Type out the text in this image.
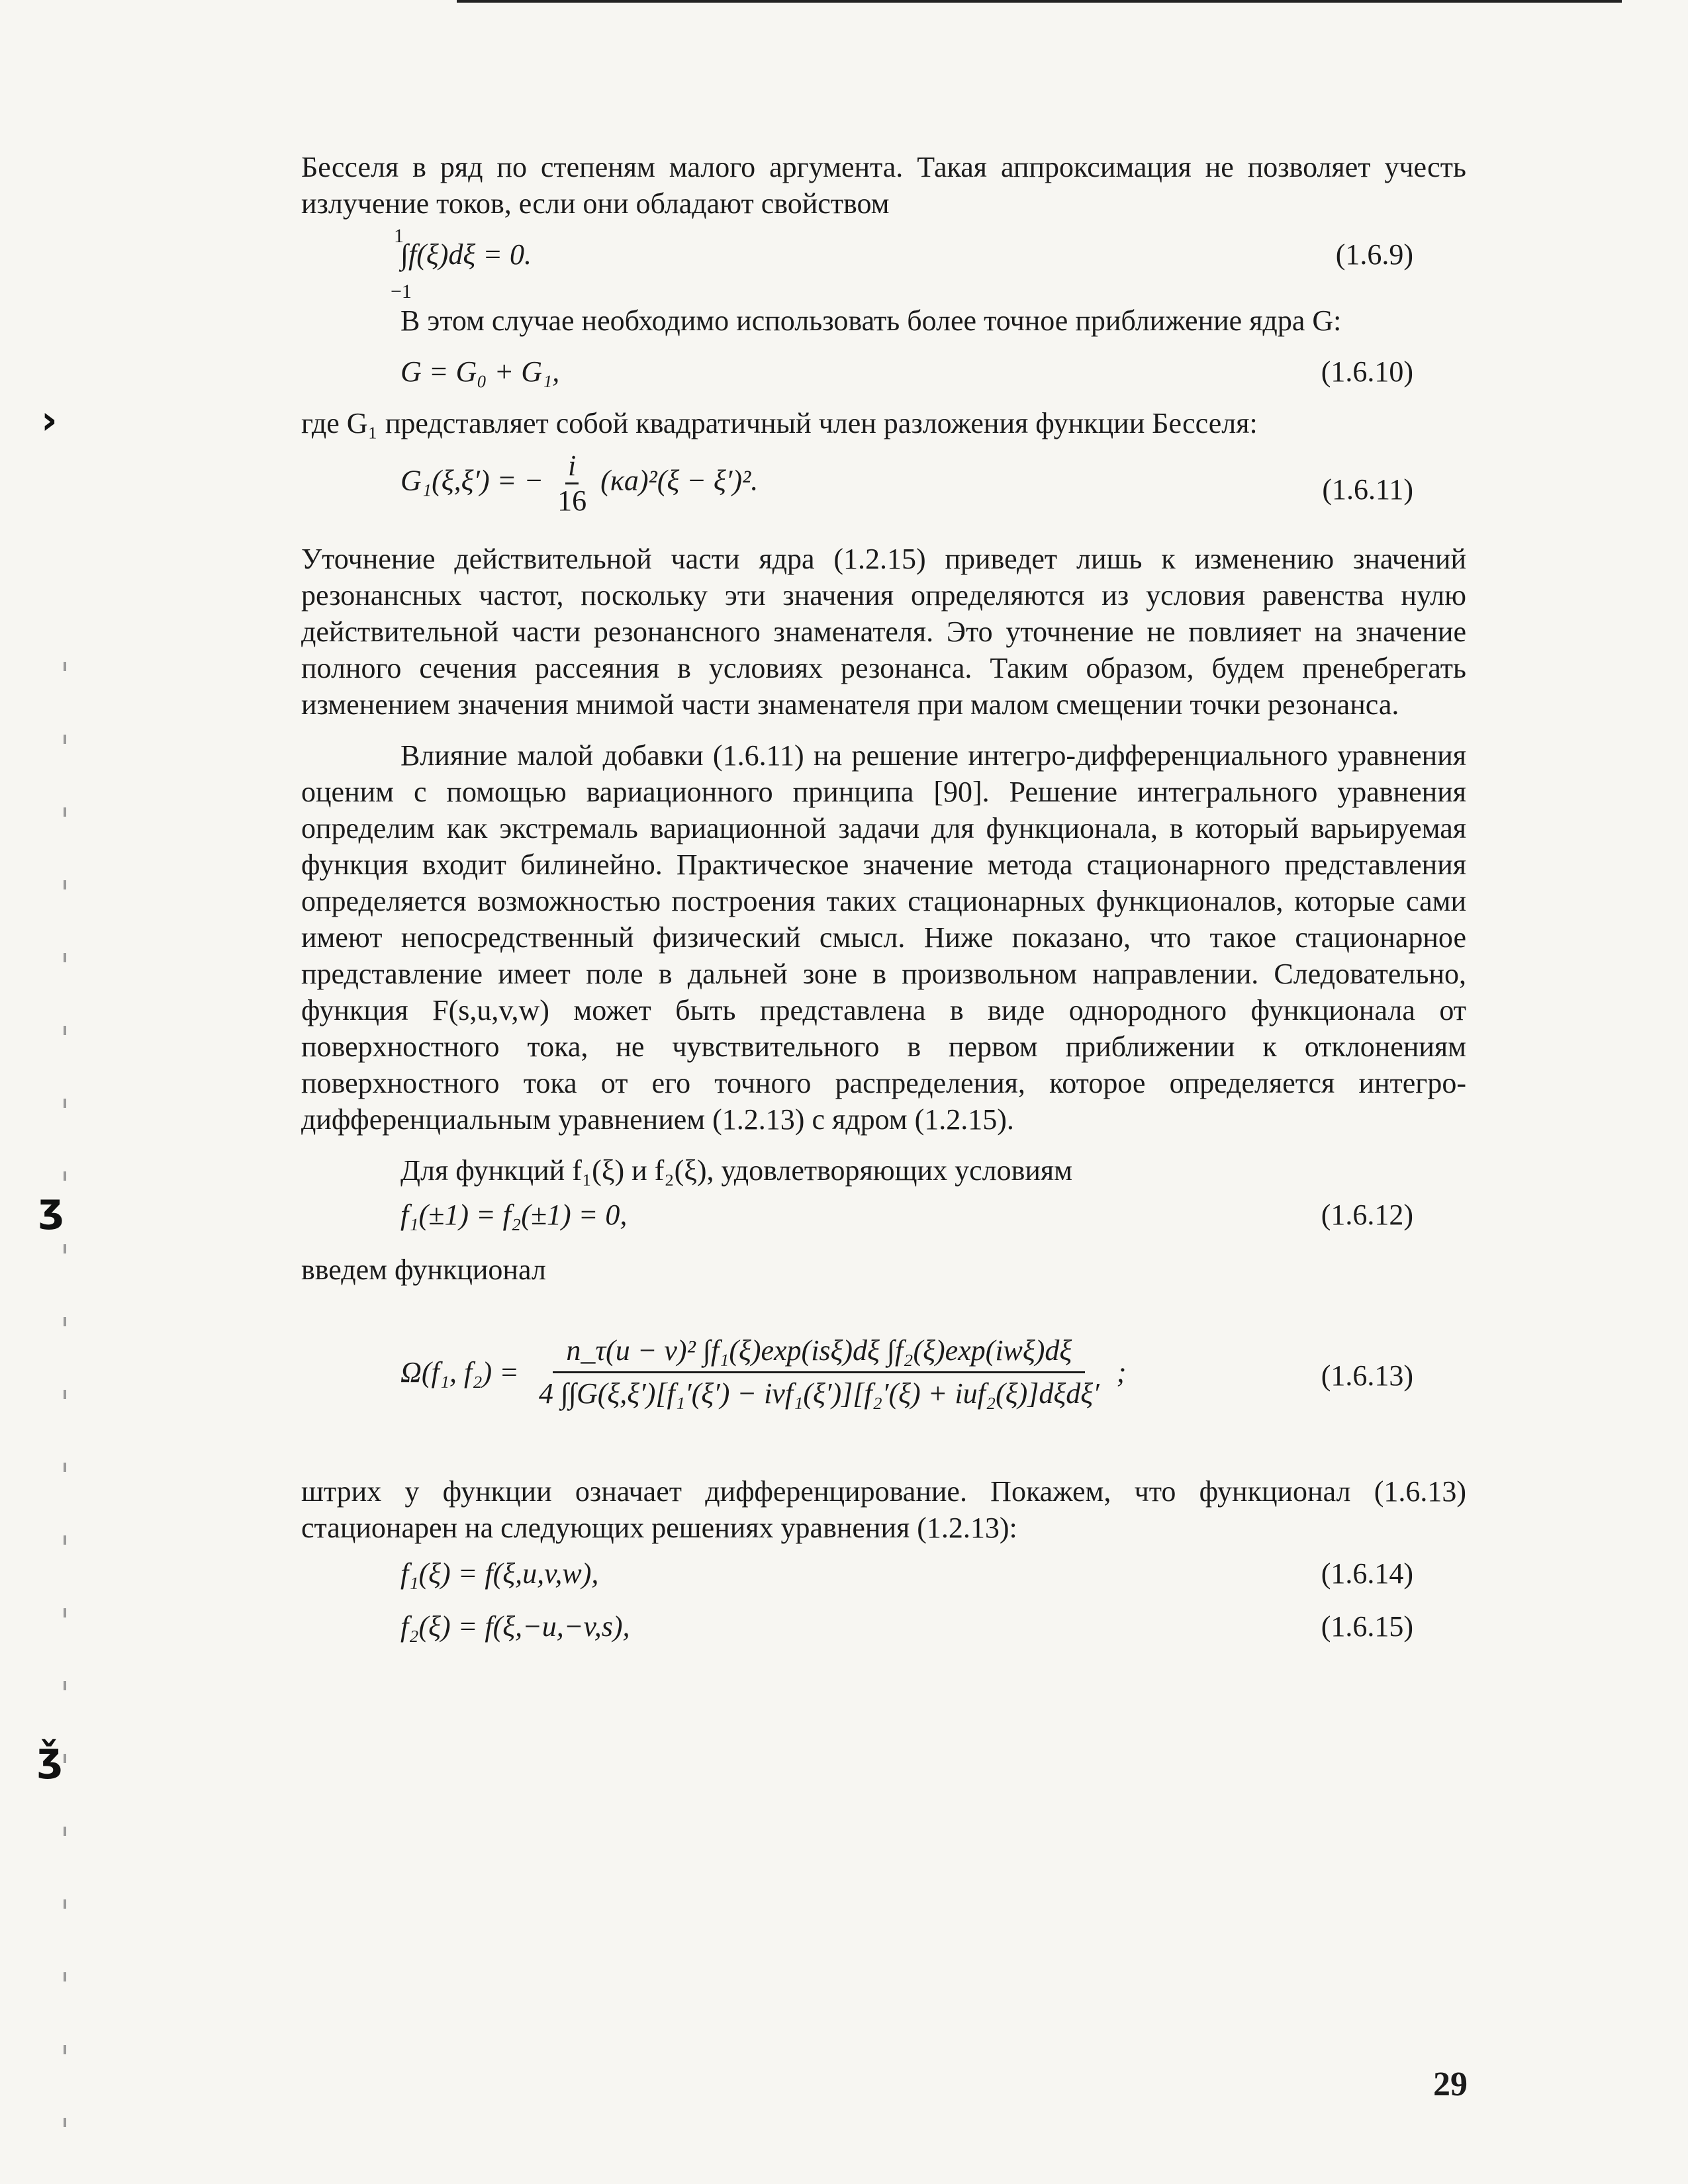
›
ʒ
ǯ

Бесселя в ряд по степеням малого аргумента. Такая аппроксимация не позволяет учесть излучение токов, если они обладают свойством

1
∫f(ξ)dξ = 0.
−1
(1.6.9)

В этом случае необходимо использовать более точное приближение ядра G:

G = G₀ + G₁,	(1.6.10)

где G₁ представляет собой квадратичный член разложения функции Бесселя:

G₁(ξ,ξ′) = − $\frac{i}{16} (\kappa a)^2(\xi - \xi')^2$.	(1.6.11)

Уточнение действительной части ядра (1.2.15) приведет лишь к изменению значений резонансных частот, поскольку эти значения определяются из условия равенства нулю действительной части резонансного знаменателя. Это уточнение не повлияет на значение полного сечения рассеяния в условиях резонанса. Таким образом, будем пренебрегать изменением значения мнимой части знаменателя при малом смещении точки резонанса.

Влияние малой добавки (1.6.11) на решение интегро-дифференциального уравнения оценим с помощью вариационного принципа [90]. Решение интегрального уравнения определим как экстремаль вариационной задачи для функционала, в который варьируемая функция входит билинейно. Практическое значение метода стационарного представления определяется возможностью построения таких стационарных функционалов, которые сами имеют непосредственный физический смысл. Ниже показано, что такое стационарное представление имеет поле в дальней зоне в произвольном направлении. Следовательно, функция F(s,u,v,w) может быть представлена в виде однородного функционала от поверхностного тока, не чувствительного в первом приближении к отклонениям поверхностного тока от его точного распределения, которое определяется интегро-дифференциальным уравнением (1.2.13) с ядром (1.2.15).

Для функций f₁(ξ) и f₂(ξ), удовлетворяющих условиям

f₁(±1) = f₂(±1) = 0,	(1.6.12)

введем функционал

Ω(f₁, $f_2) = \frac{\text{n\_τ(u − v)² ∫f₁(ξ)exp(isξ)dξ ∫f₂(ξ)exp(iwξ)dξ}}{\text{4 ∫∫G(ξ,ξ′)[f₁′(ξ′) − ivf₁(ξ′)][f₂′(ξ) + iuf₂(ξ)]dξdξ′}}$ ;	(1.6.13)

штрих у функции означает дифференцирование. Покажем, что функционал (1.6.13) стационарен на следующих решениях уравнения (1.2.13):

f₁(ξ) = f(ξ,u,v,w),	(1.6.14)
f₂(ξ) = f(ξ,−u,−v,s),	(1.6.15)
29
